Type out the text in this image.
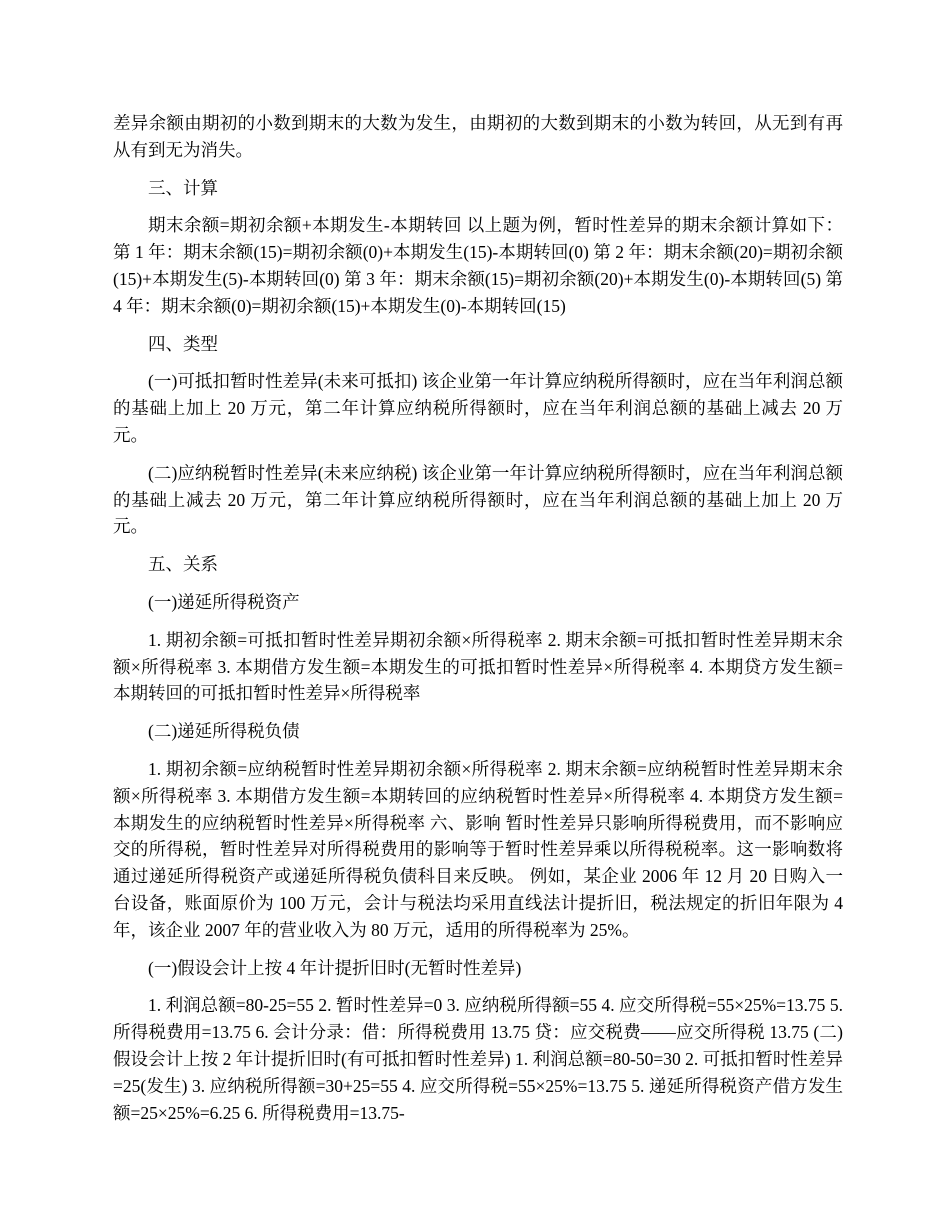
差异余额由期初的小数到期末的大数为发生，由期初的大数到期末的小数为转回，从无到有再从有到无为消失。

三、计算

期末余额=期初余额+本期发生-本期转回 以上题为例，暂时性差异的期末余额计算如下： 第 1 年：期末余额(15)=期初余额(0)+本期发生(15)-本期转回(0) 第 2 年：期末余额(20)=期初余额(15)+本期发生(5)-本期转回(0) 第 3 年：期末余额(15)=期初余额(20)+本期发生(0)-本期转回(5) 第 4 年：期末余额(0)=期初余额(15)+本期发生(0)-本期转回(15)

四、类型

(一)可抵扣暂时性差异(未来可抵扣) 该企业第一年计算应纳税所得额时，应在当年利润总额的基础上加上 20 万元，第二年计算应纳税所得额时，应在当年利润总额的基础上减去 20 万元。

(二)应纳税暂时性差异(未来应纳税) 该企业第一年计算应纳税所得额时，应在当年利润总额的基础上减去 20 万元，第二年计算应纳税所得额时，应在当年利润总额的基础上加上 20 万元。

五、关系

(一)递延所得税资产

1. 期初余额=可抵扣暂时性差异期初余额×所得税率 2. 期末余额=可抵扣暂时性差异期末余额×所得税率 3. 本期借方发生额=本期发生的可抵扣暂时性差异×所得税率 4. 本期贷方发生额=本期转回的可抵扣暂时性差异×所得税率

(二)递延所得税负债

1. 期初余额=应纳税暂时性差异期初余额×所得税率 2. 期末余额=应纳税暂时性差异期末余额×所得税率 3. 本期借方发生额=本期转回的应纳税暂时性差异×所得税率 4. 本期贷方发生额=本期发生的应纳税暂时性差异×所得税率 六、影响 暂时性差异只影响所得税费用，而不影响应交的所得税，暂时性差异对所得税费用的影响等于暂时性差异乘以所得税税率。这一影响数将通过递延所得税资产或递延所得税负债科目来反映。 例如，某企业 2006 年 12 月 20 日购入一台设备，账面原价为 100 万元，会计与税法均采用直线法计提折旧，税法规定的折旧年限为 4 年，该企业 2007 年的营业收入为 80 万元，适用的所得税率为 25%。

(一)假设会计上按 4 年计提折旧时(无暂时性差异)

1. 利润总额=80-25=55 2. 暂时性差异=0 3. 应纳税所得额=55 4. 应交所得税=55×25%=13.75 5. 所得税费用=13.75 6. 会计分录：借：所得税费用 13.75 贷：应交税费——应交所得税 13.75 (二)假设会计上按 2 年计提折旧时(有可抵扣暂时性差异) 1. 利润总额=80-50=30 2. 可抵扣暂时性差异=25(发生) 3. 应纳税所得额=30+25=55 4. 应交所得税=55×25%=13.75 5. 递延所得税资产借方发生额=25×25%=6.25 6. 所得税费用=13.75-
